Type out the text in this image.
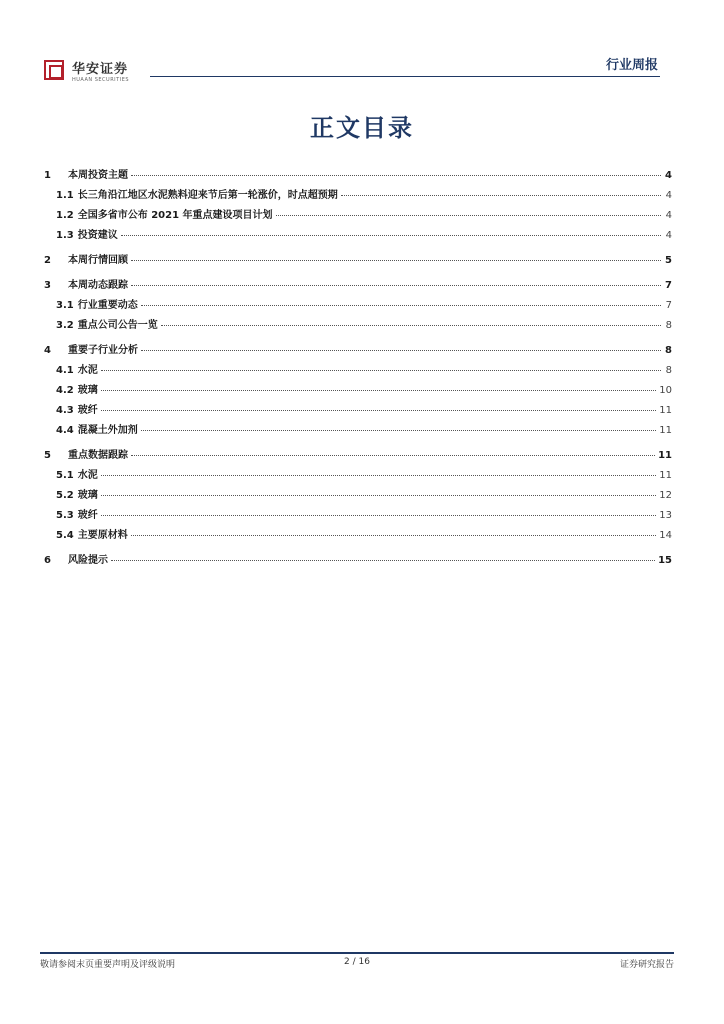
华安证券
HUAAN SECURITIES
行业周报
正文目录
1	本周投资主题	4
1.1 长三角沿江地区水泥熟料迎来节后第一轮涨价，时点超预期	4
1.2 全国多省市公布 2021 年重点建设项目计划	4
1.3 投资建议	4
2	本周行情回顾	5
3	本周动态跟踪	7
3.1 行业重要动态	7
3.2 重点公司公告一览	8
4	重要子行业分析	8
4.1 水泥	8
4.2 玻璃	10
4.3 玻纤	11
4.4 混凝土外加剂	11
5	重点数据跟踪	11
5.1 水泥	11
5.2 玻璃	12
5.3 玻纤	13
5.4 主要原材料	14
6	风险提示	15
敬请参阅末页重要声明及评级说明	2 / 16	证券研究报告
